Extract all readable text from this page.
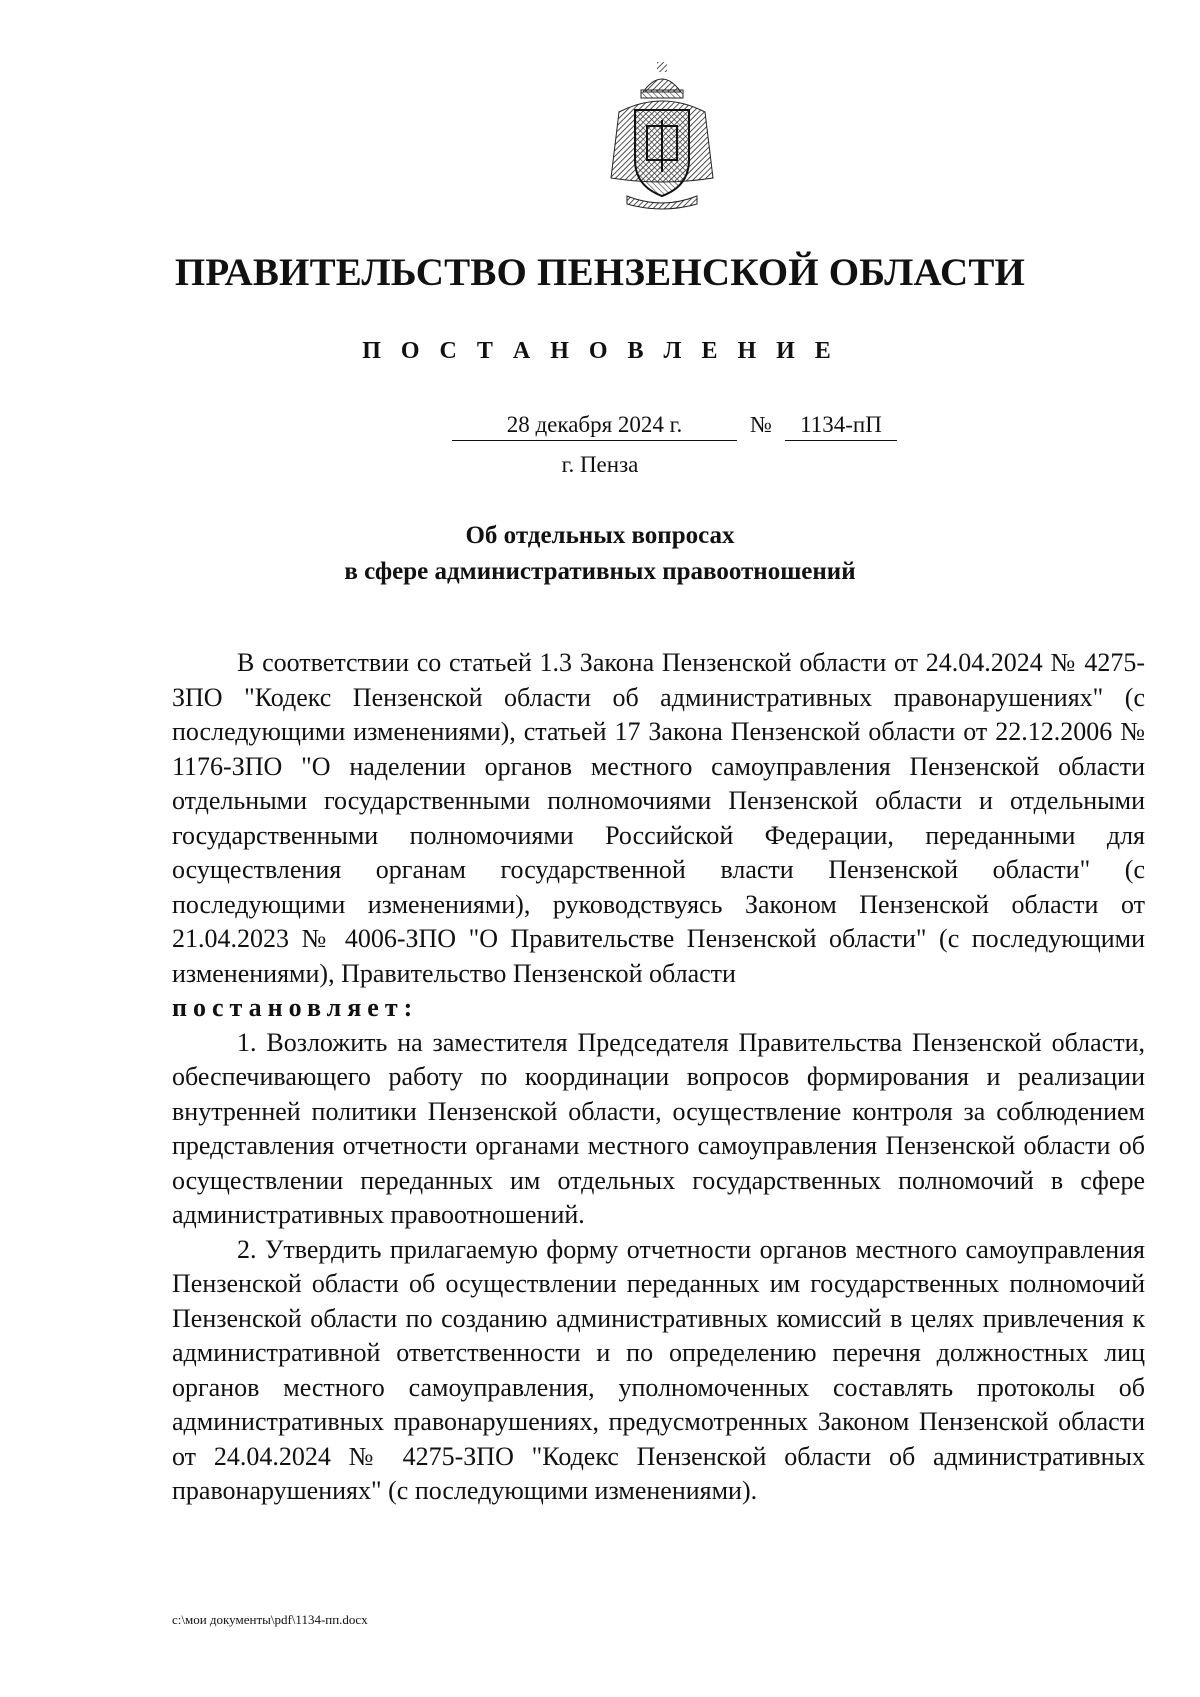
ПРАВИТЕЛЬСТВО ПЕНЗЕНСКОЙ ОБЛАСТИ
П О С Т А Н О В Л Е Н И Е
28 декабря 2024 г.	№	1134-пП
г. Пенза
Об отдельных вопросах
в сфере административных правоотношений

В соответствии со статьей 1.3 Закона Пензенской области от 24.04.2024 № 4275-ЗПО "Кодекс Пензенской области об административных правонарушениях" (с последующими изменениями), статьей 17 Закона Пензенской области от 22.12.2006 № 1176-ЗПО "О наделении органов местного самоуправления Пензенской области отдельными государственными полномочиями Пензенской области и отдельными государственными полномочиями Российской Федерации, переданными для осуществления органам государственной власти Пензенской области" (с последующими изменениями), руководствуясь Законом Пензенской области от 21.04.2023 № 4006-ЗПО "О Правительстве Пензенской области" (с последующими изменениями), Правительство Пензенской области

постановляет:

1. Возложить на заместителя Председателя Правительства Пензенской области, обеспечивающего работу по координации вопросов формирования и реализации внутренней политики Пензенской области, осуществление контроля за соблюдением представления отчетности органами местного самоуправления Пензенской области об осуществлении переданных им отдельных государственных полномочий в сфере административных правоотношений.

2. Утвердить прилагаемую форму отчетности органов местного самоуправления Пензенской области об осуществлении переданных им государственных полномочий Пензенской области по созданию административных комиссий в целях привлечения к административной ответственности и по определению перечня должностных лиц органов местного самоуправления, уполномоченных составлять протоколы об административных правонарушениях, предусмотренных Законом Пензенской области от 24.04.2024 № 4275-ЗПО "Кодекс Пензенской области об административных правонарушениях" (с последующими изменениями).

c:\мои документы\pdf\1134-пп.docx
